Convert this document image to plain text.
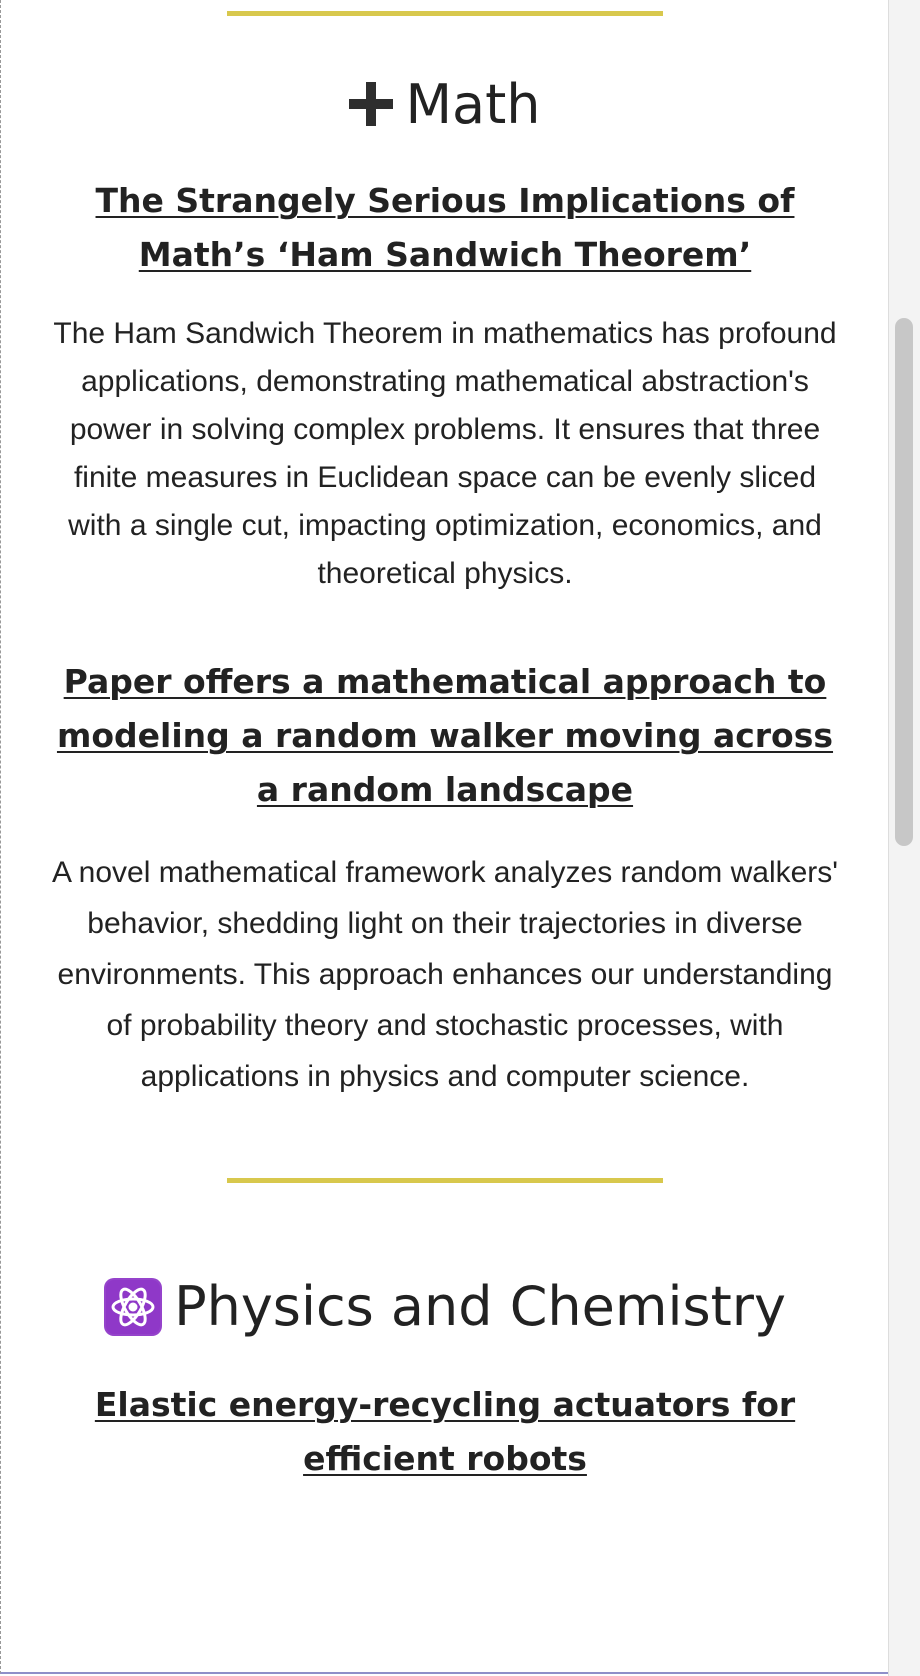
Math
The Strangely Serious Implications of Math’s ‘Ham Sandwich Theorem’

The Ham Sandwich Theorem in mathematics has profound applications, demonstrating mathematical abstraction's power in solving complex problems. It ensures that three finite measures in Euclidean space can be evenly sliced with a single cut, impacting optimization, economics, and theoretical physics.

Paper offers a mathematical approach to modeling a random walker moving across a random landscape

A novel mathematical framework analyzes random walkers' behavior, shedding light on their trajectories in diverse environments. This approach enhances our understanding of probability theory and stochastic processes, with applications in physics and computer science.

Physics and Chemistry
Elastic energy-recycling actuators for efficient robots
